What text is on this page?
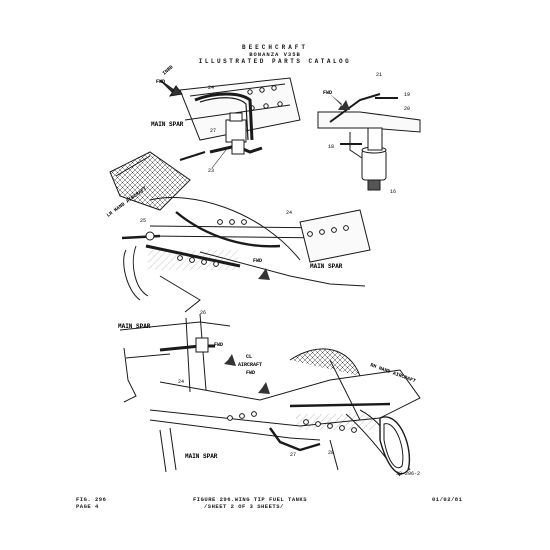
BEECHCRAFT
BONANZA V35B
ILLUSTRATED PARTS CATALOG
FWD
INBD
MAIN SPAR
24
27
23
FWD
21
19
20
18
16
LH HAND AIRCRAFT
MAIN SPAR
FWD
25
24
MAIN SPAR
FWD
CL
AIRCRAFT
26
24	RH HAND AIRCRAFT
MAIN SPAR
FWD
27	28
33-296-2
FIG. 296
PAGE 4
FIGURE 296.WING TIP FUEL TANKS
/SHEET 2 OF 3 SHEETS/
01/02/81
